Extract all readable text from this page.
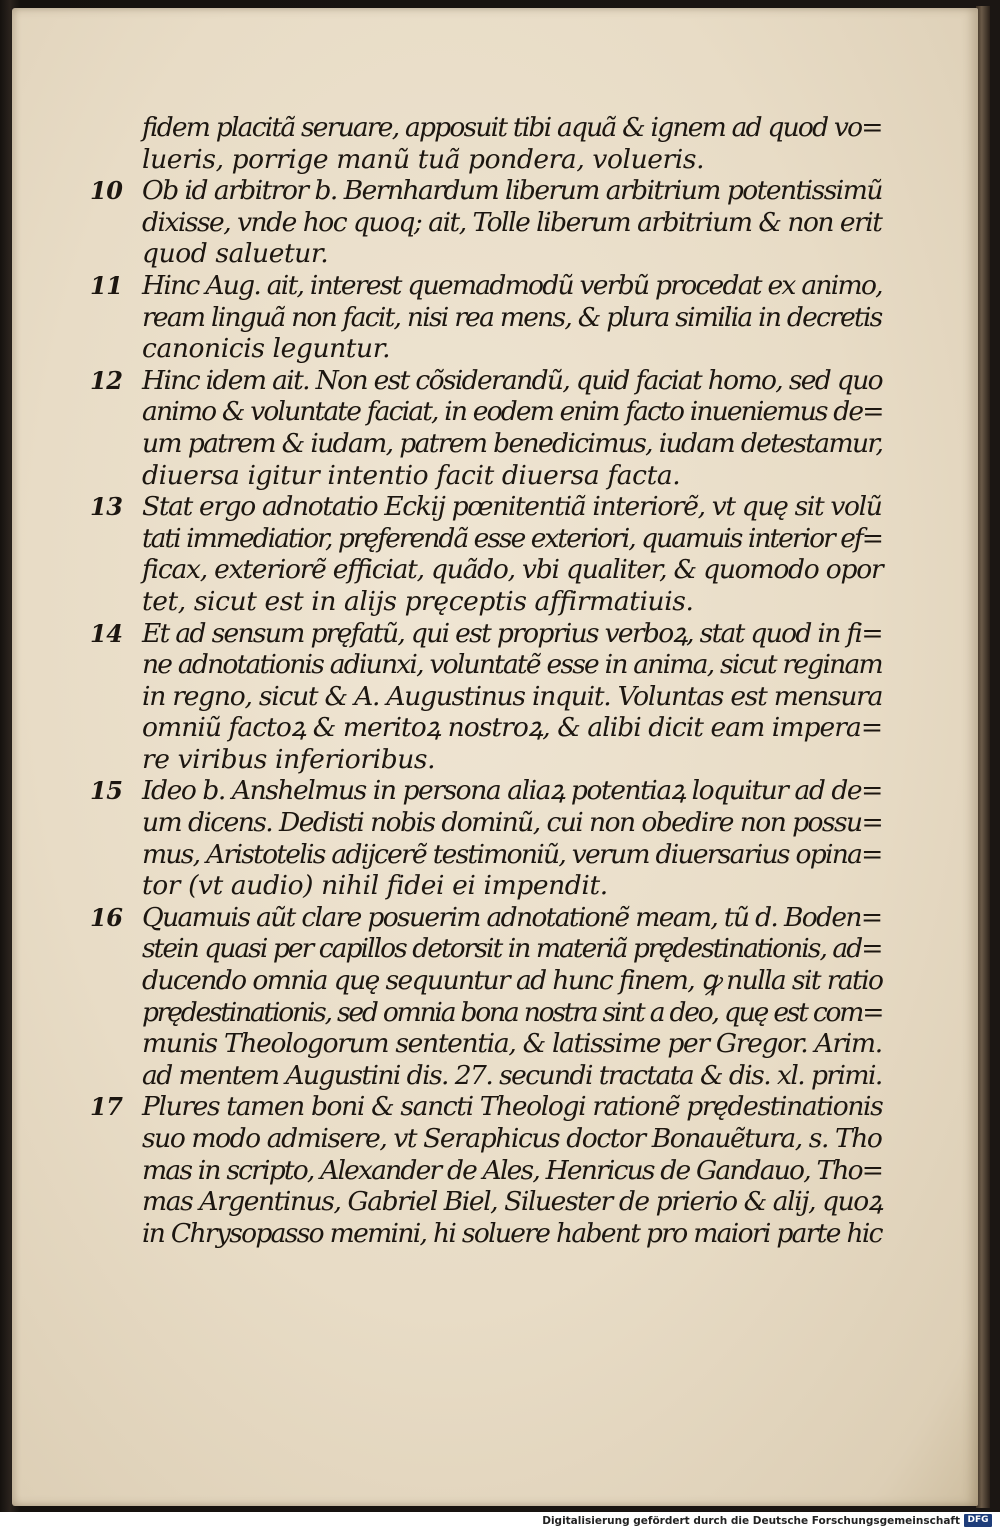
fidem placitã seruare, apposuit tibi aquã & ignem ad quod vo=
lueris, porrige manũ tuã pondera, volueris.
10 Ob id arbitror b. Bernhardum liberum arbitrium potentissimũ
dixisse, vnde hoc quoq; ait, Tolle liberum arbitrium & non erit
quod saluetur.
11 Hinc Aug. ait, interest quemadmodũ verbũ procedat ex animo,
ream linguã non facit, nisi rea mens, & plura similia in decretis
canonicis leguntur.
12 Hinc idem ait. Non est cõsiderandũ, quid faciat homo, sed quo
animo & voluntate faciat, in eodem enim facto inueniemus de=
um patrem & iudam, patrem benedicimus, iudam detestamur,
diuersa igitur intentio facit diuersa facta.
13 Stat ergo adnotatio Eckij pœnitentiã interiorẽ, vt quę sit volũ
tati immediatior, pręferendã esse exteriori, quamuis interior ef=
ficax, exteriorẽ efficiat, quãdo, vbi qualiter, & quomodo opor
tet, sicut est in alijs pręceptis affirmatiuis.
14 Et ad sensum pręfatũ, qui est proprius verboꝝ, stat quod in fi=
ne adnotationis adiunxi, voluntatẽ esse in anima, sicut reginam
in regno, sicut & A. Augustinus inquit. Voluntas est mensura
omniũ factoꝝ & meritoꝝ nostroꝝ, & alibi dicit eam impera=
re viribus inferioribus.
15 Ideo b. Anshelmus in persona aliaꝝ potentiaꝝ loquitur ad de=
um dicens. Dedisti nobis dominũ, cui non obedire non possu=
mus, Aristotelis adijcerẽ testimoniũ, verum diuersarius opina=
tor (vt audio) nihil fidei ei impendit.
16 Quamuis aũt clare posuerim adnotationẽ meam, tũ d. Boden=
stein quasi per capillos detorsit in materiã prędestinationis, ad=
ducendo omnia quę sequuntur ad hunc finem, ꝙ nulla sit ratio
prędestinationis, sed omnia bona nostra sint a deo, quę est com=
munis Theologorum sententia, & latissime per Gregor. Arim.
ad mentem Augustini dis. 27. secundi tractata & dis. xl. primi.
17 Plures tamen boni & sancti Theologi rationẽ prędestinationis
suo modo admisere, vt Seraphicus doctor Bonauẽtura, s. Tho
mas in scripto, Alexander de Ales, Henricus de Gandauo, Tho=
mas Argentinus, Gabriel Biel, Siluester de prierio & alij, quoꝝ
in Chrysopasso memini, hi soluere habent pro maiori parte hic
Digitalisierung gefördert durch die Deutsche Forschungsgemeinschaft DFG
